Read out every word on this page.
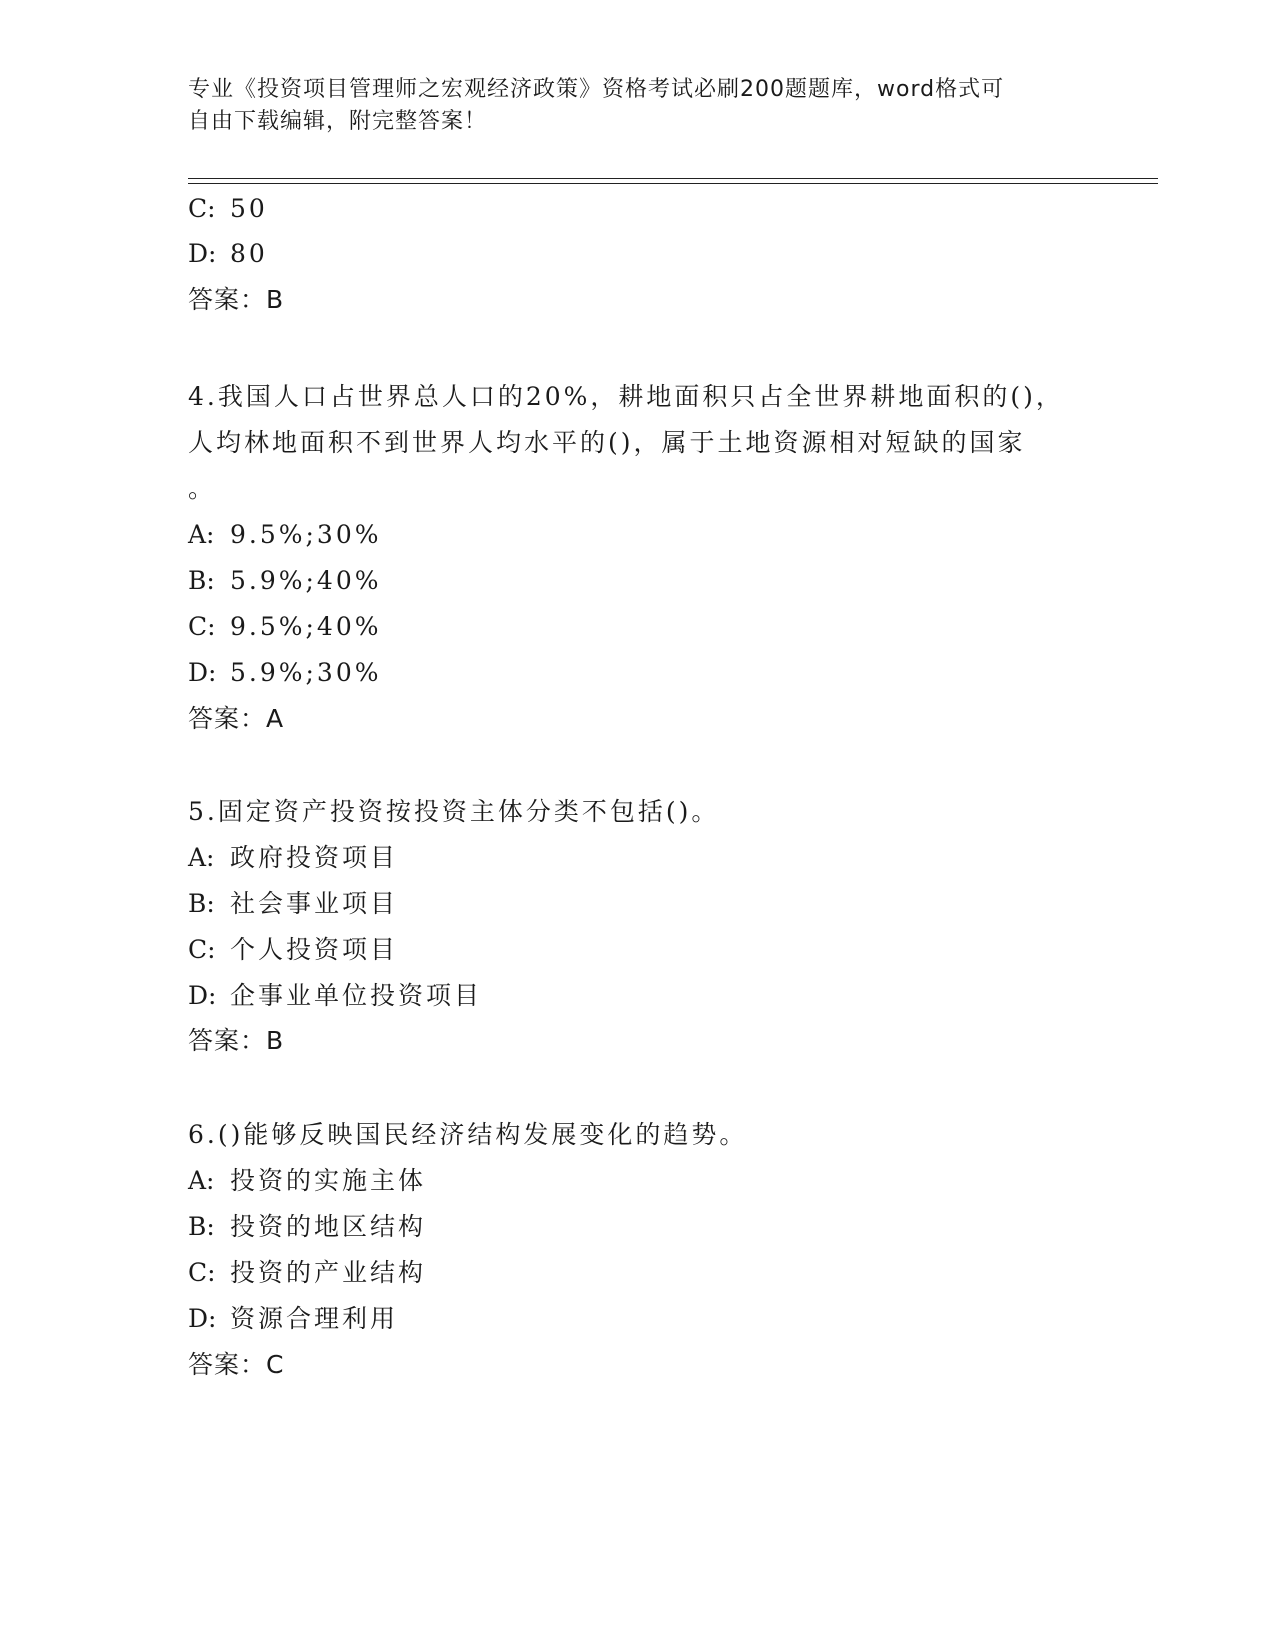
专业《投资项目管理师之宏观经济政策》资格考试必刷200题题库，word格式可
自由下载编辑，附完整答案！
C: 50
D: 80
答案：B
4.我国人口占世界总人口的20%，耕地面积只占全世界耕地面积的()，
人均林地面积不到世界人均水平的()，属于土地资源相对短缺的国家
。
A: 9.5%;30%
B: 5.9%;40%
C: 9.5%;40%
D: 5.9%;30%
答案：A
5.固定资产投资按投资主体分类不包括()。
A: 政府投资项目
B: 社会事业项目
C: 个人投资项目
D: 企事业单位投资项目
答案：B
6.()能够反映国民经济结构发展变化的趋势。
A: 投资的实施主体
B: 投资的地区结构
C: 投资的产业结构
D: 资源合理利用
答案：C
